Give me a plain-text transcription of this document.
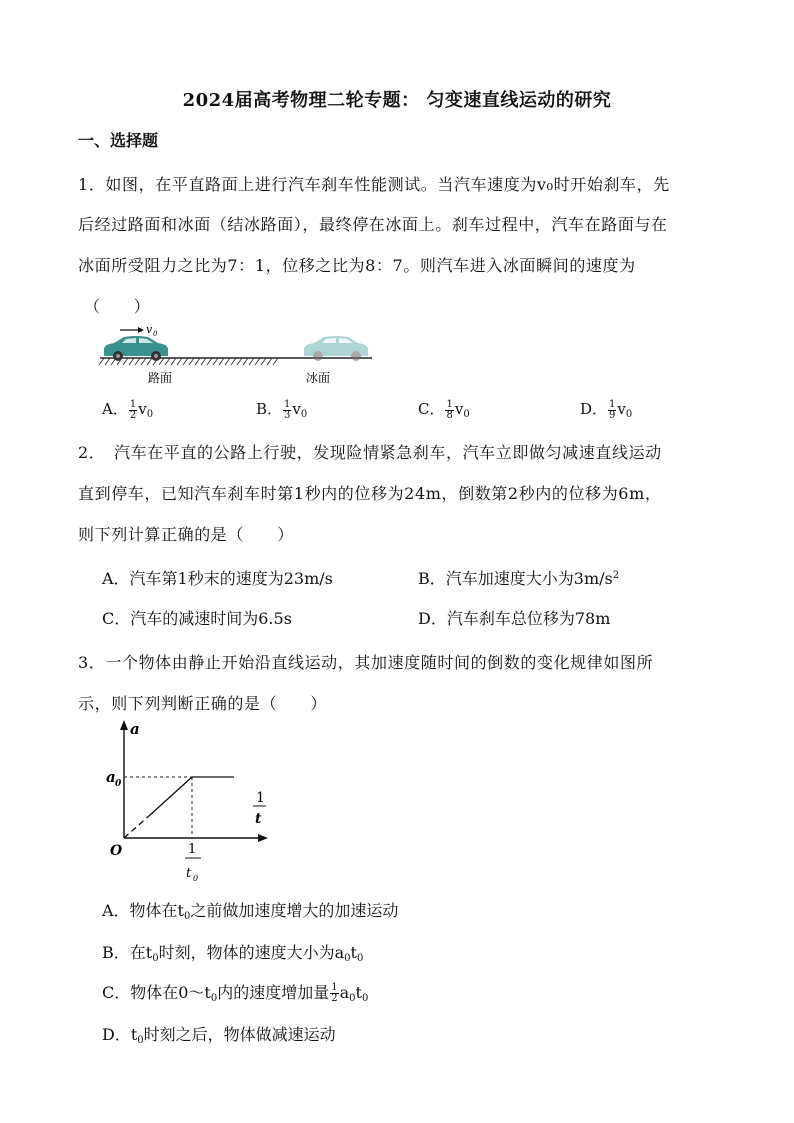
2024届高考物理二轮专题： 匀变速直线运动的研究
一、选择题
1．如图，在平直路面上进行汽车刹车性能测试。当汽车速度为v₀时开始刹车，先
后经过路面和冰面（结冰路面），最终停在冰面上。刹车过程中，汽车在路面与在
冰面所受阻力之比为7：1，位移之比为8：7。则汽车进入冰面瞬间的速度为
（　　）
v 0
路面	冰面
A． $\frac{1}{2} v_0$	B． $\frac{1}{3} v_0$	C． $\frac{1}{8} v_0$	D． $\frac{1}{9} v_0$
2．　汽车在平直的公路上行驶，发现险情紧急刹车，汽车立即做匀减速直线运动
直到停车，已知汽车刹车时第1秒内的位移为24m，倒数第2秒内的位移为6m，
则下列计算正确的是（　　）
A．汽车第1秒末的速度为23m/s	B．汽车加速度大小为$3m/s^2$
C．汽车的减速时间为6.5s	D．汽车刹车总位移为78m
3．一个物体由静止开始沿直线运动，其加速度随时间的倒数的变化规律如图所
示，则下列判断正确的是（　　）
a
a 0
O
1
t
1
t 0
A．物体在$t_0$之前做加速度增大的加速运动
B．在$t_0$时刻，物体的速度大小为$a_0t_0$
C．物体在$0\sim t_0$内的速度增加量 $\frac{1}{2} a_0t_0$
D．$t_0$时刻之后，物体做减速运动
